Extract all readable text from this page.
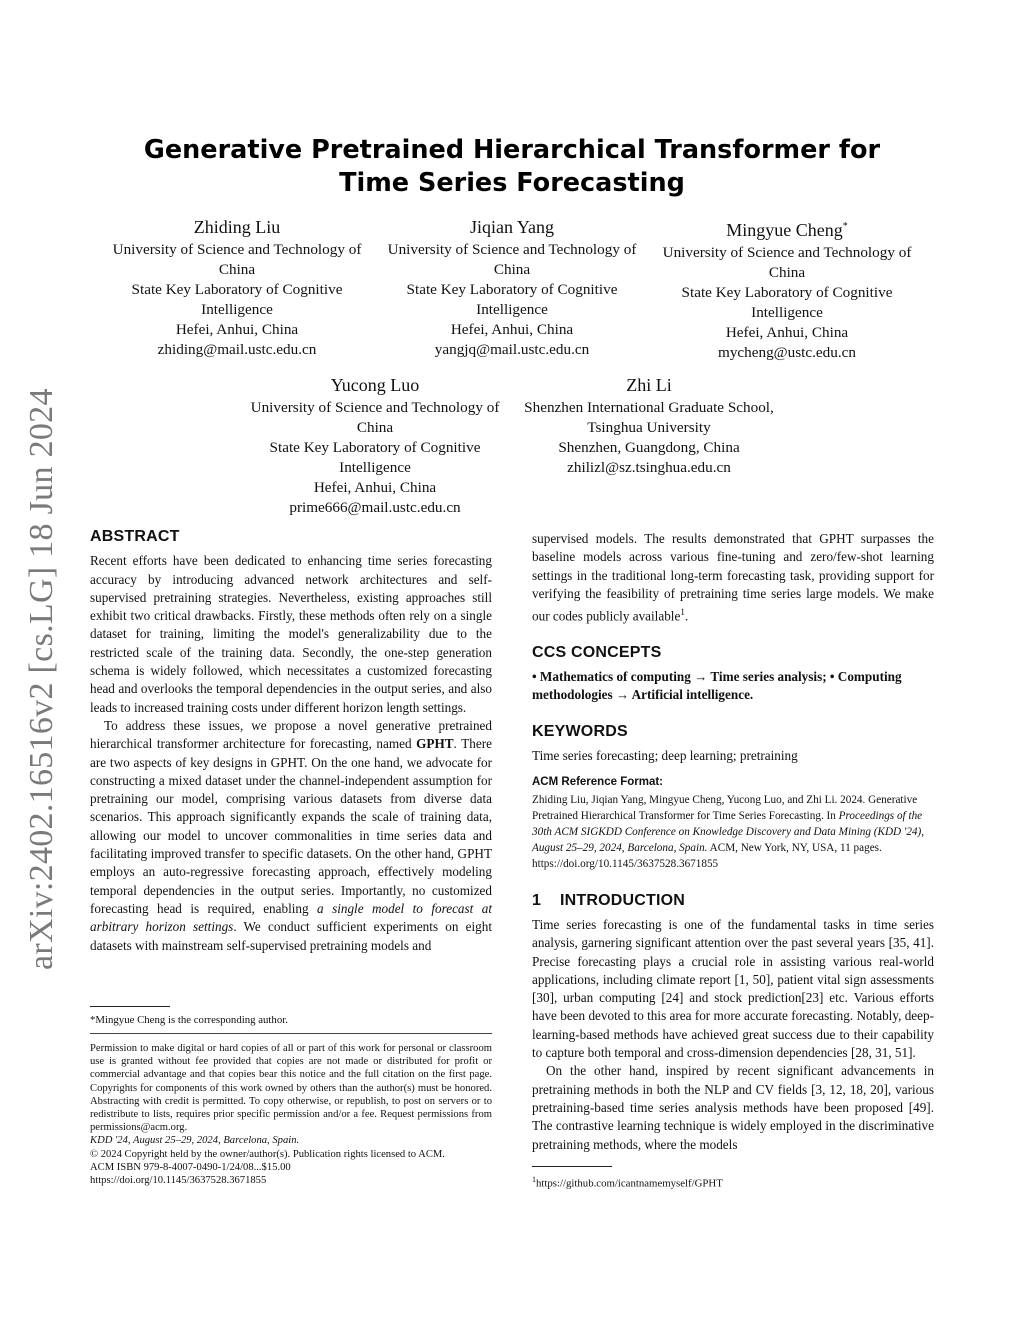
arXiv:2402.16516v2 [cs.LG] 18 Jun 2024
Generative Pretrained Hierarchical Transformer for
Time Series Forecasting
Zhiding Liu
University of Science and Technology of China
State Key Laboratory of Cognitive Intelligence
Hefei, Anhui, China
zhiding@mail.ustc.edu.cn
Jiqian Yang
University of Science and Technology of China
State Key Laboratory of Cognitive Intelligence
Hefei, Anhui, China
yangjq@mail.ustc.edu.cn
Mingyue Cheng*
University of Science and Technology of China
State Key Laboratory of Cognitive Intelligence
Hefei, Anhui, China
mycheng@ustc.edu.cn
Yucong Luo
University of Science and Technology of China
State Key Laboratory of Cognitive Intelligence
Hefei, Anhui, China
prime666@mail.ustc.edu.cn
Zhi Li
Shenzhen International Graduate School, Tsinghua University
Shenzhen, Guangdong, China
zhilizl@sz.tsinghua.edu.cn
ABSTRACT

Recent efforts have been dedicated to enhancing time series forecasting accuracy by introducing advanced network architectures and self-supervised pretraining strategies. Nevertheless, existing approaches still exhibit two critical drawbacks. Firstly, these methods often rely on a single dataset for training, limiting the model's generalizability due to the restricted scale of the training data. Secondly, the one-step generation schema is widely followed, which necessitates a customized forecasting head and overlooks the temporal dependencies in the output series, and also leads to increased training costs under different horizon length settings.

To address these issues, we propose a novel generative pretrained hierarchical transformer architecture for forecasting, named GPHT. There are two aspects of key designs in GPHT. On the one hand, we advocate for constructing a mixed dataset under the channel-independent assumption for pretraining our model, comprising various datasets from diverse data scenarios. This approach significantly expands the scale of training data, allowing our model to uncover commonalities in time series data and facilitating improved transfer to specific datasets. On the other hand, GPHT employs an auto-regressive forecasting approach, effectively modeling temporal dependencies in the output series. Importantly, no customized forecasting head is required, enabling a single model to forecast at arbitrary horizon settings. We conduct sufficient experiments on eight datasets with mainstream self-supervised pretraining models and

*Mingyue Cheng is the corresponding author.
Permission to make digital or hard copies of all or part of this work for personal or classroom use is granted without fee provided that copies are not made or distributed for profit or commercial advantage and that copies bear this notice and the full citation on the first page. Copyrights for components of this work owned by others than the author(s) must be honored. Abstracting with credit is permitted. To copy otherwise, or republish, to post on servers or to redistribute to lists, requires prior specific permission and/or a fee. Request permissions from permissions@acm.org.
KDD '24, August 25–29, 2024, Barcelona, Spain.
© 2024 Copyright held by the owner/author(s). Publication rights licensed to ACM.
ACM ISBN 979-8-4007-0490-1/24/08...$15.00
https://doi.org/10.1145/3637528.3671855

supervised models. The results demonstrated that GPHT surpasses the baseline models across various fine-tuning and zero/few-shot learning settings in the traditional long-term forecasting task, providing support for verifying the feasibility of pretraining time series large models. We make our codes publicly available$^1$.

CCS CONCEPTS

• Mathematics of computing → Time series analysis; • Computing methodologies → Artificial intelligence.

KEYWORDS

Time series forecasting; deep learning; pretraining

ACM Reference Format:

Zhiding Liu, Jiqian Yang, Mingyue Cheng, Yucong Luo, and Zhi Li. 2024. Generative Pretrained Hierarchical Transformer for Time Series Forecasting. In Proceedings of the 30th ACM SIGKDD Conference on Knowledge Discovery and Data Mining (KDD '24), August 25–29, 2024, Barcelona, Spain. ACM, New York, NY, USA, 11 pages. https://doi.org/10.1145/3637528.3671855

1 INTRODUCTION

Time series forecasting is one of the fundamental tasks in time series analysis, garnering significant attention over the past several years [35, 41]. Precise forecasting plays a crucial role in assisting various real-world applications, including climate report [1, 50], patient vital sign assessments [30], urban computing [24] and stock prediction[23] etc. Various efforts have been devoted to this area for more accurate forecasting. Notably, deep-learning-based methods have achieved great success due to their capability to capture both temporal and cross-dimension dependencies [28, 31, 51].

On the other hand, inspired by recent significant advancements in pretraining methods in both the NLP and CV fields [3, 12, 18, 20], various pretraining-based time series analysis methods have been proposed [49]. The contrastive learning technique is widely employed in the discriminative pretraining methods, where the models

$^1$https://github.com/icantnamemyself/GPHT
